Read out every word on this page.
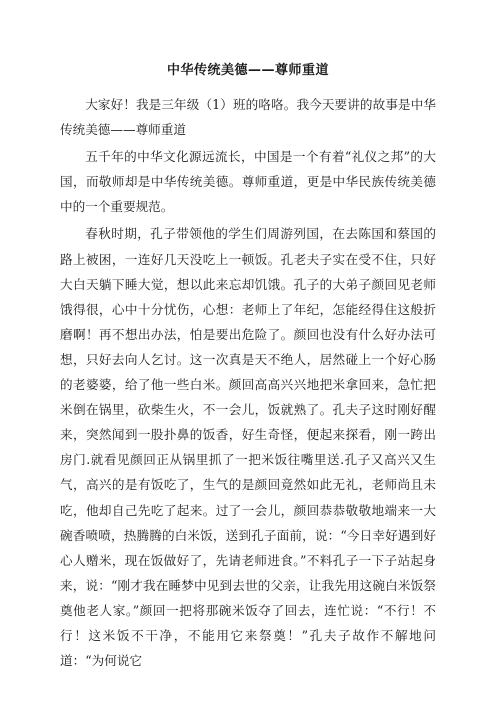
中华传统美德——尊师重道

大家好！我是三年级（1）班的咯咯。我今天要讲的故事是中华传统美德——尊师重道

五千年的中华文化源远流长，中国是一个有着“礼仪之邦”的大国，而敬师却是中华传统美德。尊师重道，更是中华民族传统美德中的一个重要规范。

春秋时期，孔子带领他的学生们周游列国，在去陈国和蔡国的路上被困，一连好几天没吃上一顿饭。孔老夫子实在受不住，只好大白天躺下睡大觉，想以此来忘却饥饿。孔子的大弟子颜回见老师饿得很，心中十分忧伤，心想：老师上了年纪，怎能经得住这般折磨啊！再不想出办法，怕是要出危险了。颜回也没有什么好办法可想，只好去向人乞讨。这一次真是天不绝人，居然碰上一个好心肠的老婆婆，给了他一些白米。颜回高高兴兴地把米拿回来，急忙把米倒在锅里，砍柴生火，不一会儿，饭就熟了。孔夫子这时刚好醒来，突然闻到一股扑鼻的饭香，好生奇怪，便起来探看，刚一跨出房门.就看见颜回正从锅里抓了一把米饭往嘴里送.孔子又高兴又生气，高兴的是有饭吃了，生气的是颜回竟然如此无礼，老师尚且未吃，他却自己先吃了起来。过了一会儿，颜回恭恭敬敬地端来一大碗香喷喷，热腾腾的白米饭，送到孔子面前，说：“今日幸好遇到好心人赠米，现在饭做好了，先请老师进食。”不料孔子一下子站起身来，说：“刚才我在睡梦中见到去世的父亲，让我先用这碗白米饭祭奠他老人家。”颜回一把将那碗米饭夺了回去，连忙说：“不行！不行！这米饭不干净，不能用它来祭奠！”孔夫子故作不解地问道：“为何说它
